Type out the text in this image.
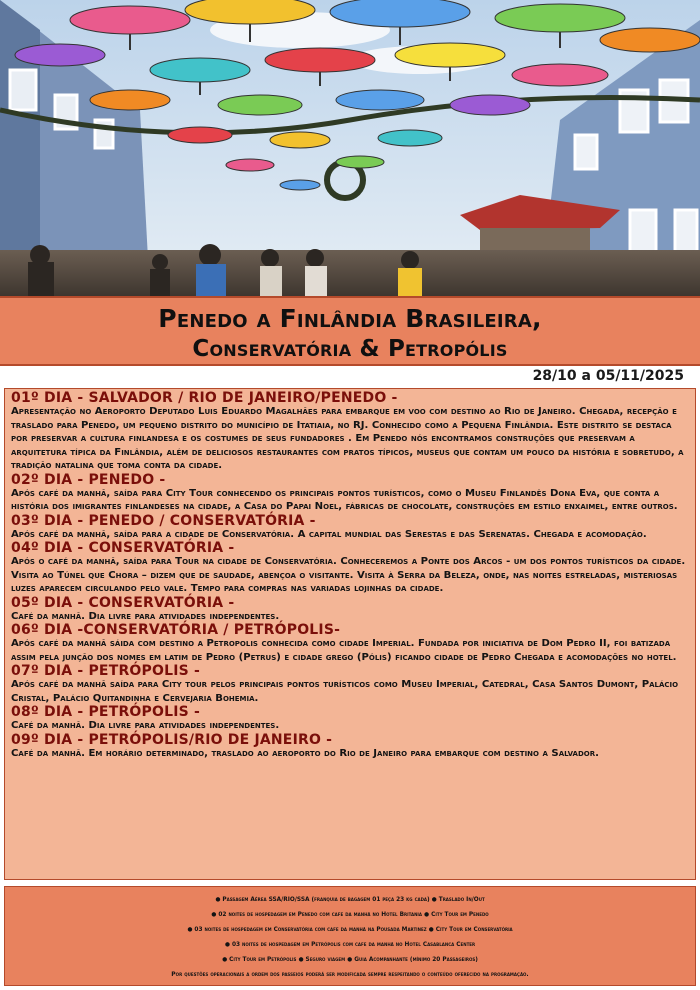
Penedo a Finlândia Brasileira,
Conservatória & Petropólis
28/10 a 05/11/2025

01º DIA - SALVADOR / RIO DE JANEIRO/PENEDO -

Apresentação no Aeroporto Deputado Luis Eduardo Magalhães para embarque em voo com destino ao Rio de Janeiro. Chegada, recepção e traslado para Penedo, um pequeno distrito do município de Itatiaia, no RJ. Conhecido como a Pequena Finlândia. Este distrito se destaca por preservar a cultura finlandesa e os costumes de seus fundadores . Em Penedo nós encontramos construções que preservam a arquitetura típica da Finlândia, além de deliciosos restaurantes com pratos típicos, museus que contam um pouco da história e sobretudo, a tradição natalina que toma conta da cidade.

02º DIA - PENEDO -

Após café da manhã, saída para City Tour conhecendo os principais pontos turísticos, como o Museu Finlandês Dona Eva, que conta a história dos imigrantes finlandeses na cidade, a Casa do Papai Noel, fábricas de chocolate, construções em estilo enxaimel, entre outros.

03º DIA - PENEDO / CONSERVATÓRIA -

Após café da manhã, saída para a cidade de Conservatória. A capital mundial das Serestas e das Serenatas. Chegada e acomodação.

04º DIA - CONSERVATÓRIA -

Após o café da manhã, saída para Tour na cidade de Conservatória. Conheceremos a Ponte dos Arcos - um dos pontos turísticos da cidade. Visita ao Túnel que Chora – dizem que de saudade, abençoa o visitante. Visita à Serra da Beleza, onde, nas noites estreladas, misteriosas luzes aparecem circulando pelo vale. Tempo para compras nas variadas lojinhas da cidade.

05º DIA - CONSERVATÓRIA -

Café da manhã. Dia livre para atividades independentes.

06º DIA -CONSERVATÓRIA / PETRÓPOLIS-

Após café da manhã sáida com destino a Petropolis conhecida como cidade Imperial. Fundada por iniciativa de Dom Pedro II, foi batizada assim pela junção dos nomes em latim de Pedro (Petrus) e cidade grego (Pólis) ficando cidade de Pedro Chegada e acomodações no hotel.

07º DIA - PETRÓPOLIS -

Após café da manhã saída para City tour pelos principais pontos turísticos como Museu Imperial, Catedral, Casa Santos Dumont, Palácio Cristal, Palácio Quitandinha e Cervejaria Bohemia.

08º DIA - PETRÓPOLIS -

Café da manhã. Dia livre para atividades independentes.

09º DIA - PETRÓPOLIS/RIO DE JANEIRO -

Café da manhã. Em horário determinado, traslado ao aeroporto do Rio de Janeiro para embarque com destino a Salvador.

● Passagem Aérea SSA/RIO/SSA (franquia de bagagem 01 peça 23 kg cada) ● Traslado In/Out
● 02 noites de hospedagem em Penedo com cafe da manhã no Hotel Britania ● City Tour em Penedo
● 03 noites de hospedagem em Conservatória com cafe da manhã na Pousada Martinez ● City Tour em Conservatória
● 03 noites de hospedagem em Petrópolis com cafe da manhã no Hotel Casablanca Center
● City Tour em Petrópolis ● Seguro viagem ● Guia Acompanhante (mínimo 20 Passageiros)
Por questões operacionais a ordem dos passeios poderá ser modificada sempre respeitando o conteúdo oferecido na programação.
